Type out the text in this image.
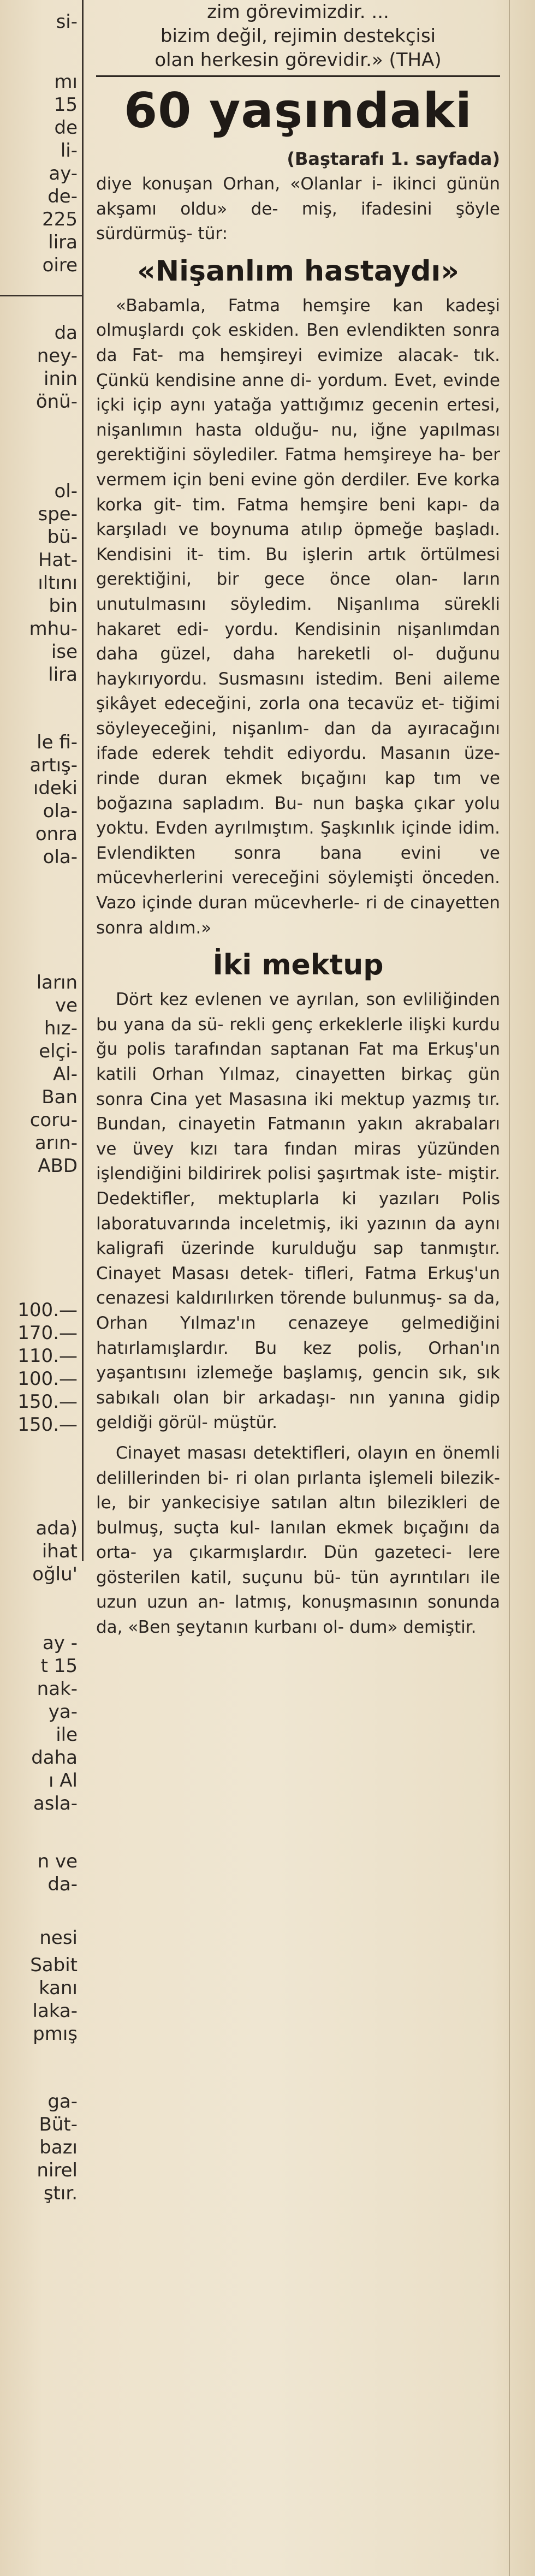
si-
mı
15
de
li-
ay-
de-
225
lira
oire
da
ney-
inin
önü-
ol-
spe-
bü-
Hat-
ıltını
bin
mhu-
ise
lira
le fi-
artış-
ıdeki
ola-
onra
ola-
ların
ve
hız-
elçi-
Al-
Ban
coru-
arın-
ABD
100.—
170.—
110.—
100.—
150.—
150.—
ada)
ihat
oğlu'
ay -
t 15
nak-
ya-
ile
daha
ı Al
asla-
n ve
da-
nesi
Sabit
kanı
laka-
pmış
ga-
Büt-
bazı
nirel
ştır.
zim görevimizdir. ...
bizim değil, rejimin destekçisi
olan herkesin görevidir.» (THA)
60 yaşındaki
(Baştarafı 1. sayfada)

diye konuşan Orhan, «Olanlar i- ikinci günün akşamı oldu» de- miş, ifadesini şöyle sürdürmüş- tür:

«Nişanlım hastaydı»

«Babamla, Fatma hemşire kan kadeşi olmuşlardı çok eskiden. Ben evlendikten sonra da Fat- ma hemşireyi evimize alacak- tık. Çünkü kendisine anne di- yordum. Evet, evinde içki içip aynı yatağa yattığımız gecenin ertesi, nişanlımın hasta olduğu- nu, iğne yapılması gerektiğini söylediler. Fatma hemşireye ha- ber vermem için beni evine gön derdiler. Eve korka korka git- tim. Fatma hemşire beni kapı- da karşıladı ve boynuma atılıp öpmeğe başladı. Kendisini it- tim. Bu işlerin artık örtülmesi gerektiğini, bir gece önce olan- ların unutulmasını söyledim. Nişanlıma sürekli hakaret edi- yordu. Kendisinin nişanlımdan daha güzel, daha hareketli ol- duğunu haykırıyordu. Susmasını istedim. Beni aileme şikâyet edeceğini, zorla ona tecavüz et- tiğimi söyleyeceğini, nişanlım- dan da ayıracağını ifade ederek tehdit ediyordu. Masanın üze- rinde duran ekmek bıçağını kap tım ve boğazına sapladım. Bu- nun başka çıkar yolu yoktu. Evden ayrılmıştım. Şaşkınlık içinde idim. Evlendikten sonra bana evini ve mücevherlerini vereceğini söylemişti önceden. Vazo içinde duran mücevherle- ri de cinayetten sonra aldım.»

İki mektup

Dört kez evlenen ve ayrılan, son evliliğinden bu yana da sü- rekli genç erkeklerle ilişki kurdu ğu polis tarafından saptanan Fat ma Erkuş'un katili Orhan Yılmaz, cinayetten birkaç gün sonra Cina yet Masasına iki mektup yazmış tır. Bundan, cinayetin Fatmanın yakın akrabaları ve üvey kızı tara fından miras yüzünden işlendiğini bildirirek polisi şaşırtmak iste- miştir. Dedektifler, mektuplarla ki yazıları Polis laboratuvarında inceletmiş, iki yazının da aynı kaligrafi üzerinde kurulduğu sap tanmıştır. Cinayet Masası detek- tifleri, Fatma Erkuş'un cenazesi kaldırılırken törende bulunmuş- sa da, Orhan Yılmaz'ın cenazeye gelmediğini hatırlamışlardır. Bu kez polis, Orhan'ın yaşantısını izlemeğe başlamış, gencin sık, sık sabıkalı olan bir arkadaşı- nın yanına gidip geldiği görül- müştür.

Cinayet masası detektifleri, olayın en önemli delillerinden bi- ri olan pırlanta işlemeli bilezik- le, bir yankecisiye satılan altın bilezikleri de bulmuş, suçta kul- lanılan ekmek bıçağını da orta- ya çıkarmışlardır. Dün gazeteci- lere gösterilen katil, suçunu bü- tün ayrıntıları ile uzun uzun an- latmış, konuşmasının sonunda da, «Ben şeytanın kurbanı ol- dum» demiştir.
